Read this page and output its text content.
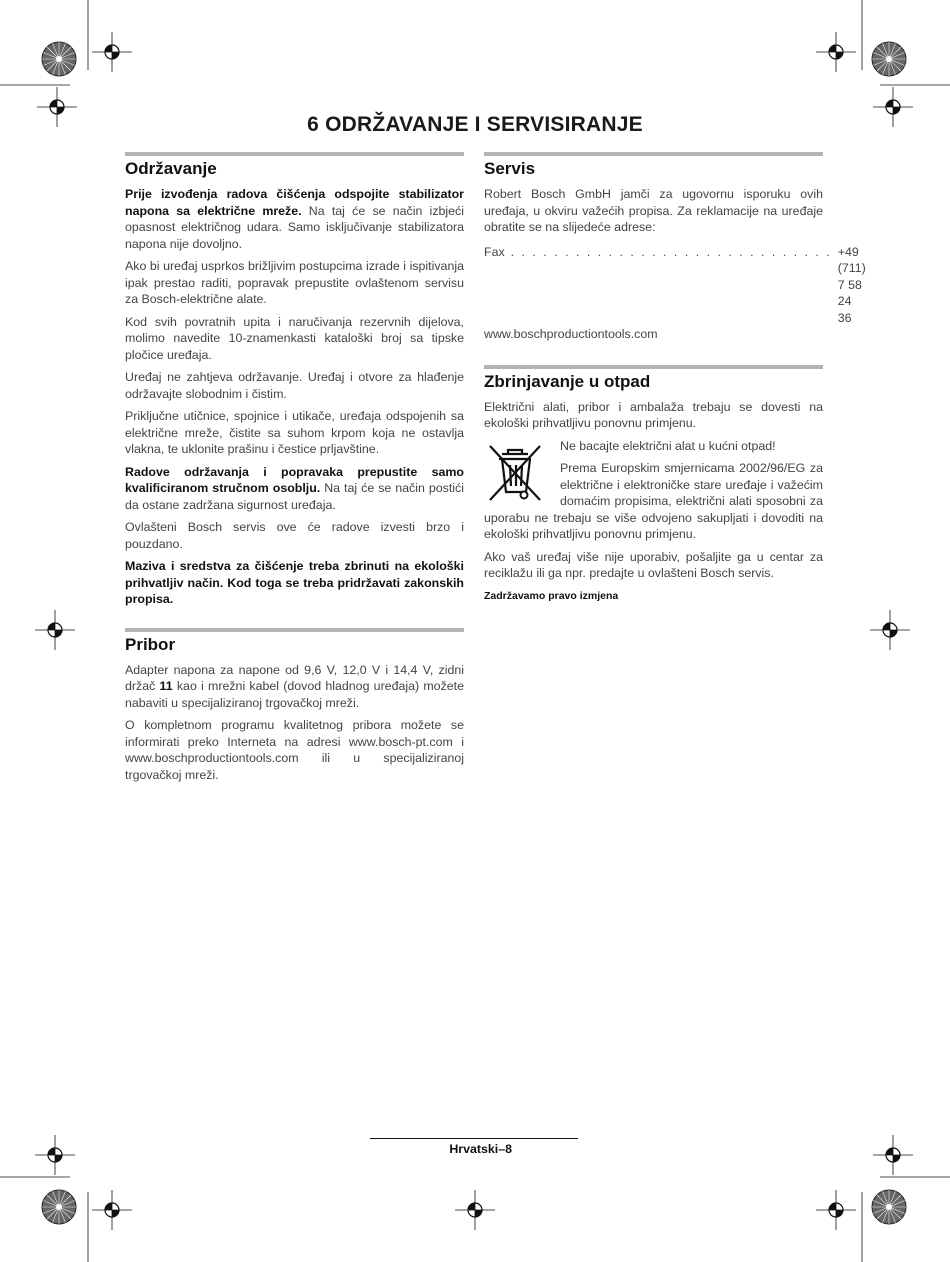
6 ODRŽAVANJE I SERVISIRANJE
Održavanje

Prije izvođenja radova čišćenja odspojite stabilizator napona sa električne mreže. Na taj će se način izbjeći opasnost električnog udara. Samo isključivanje stabilizatora napona nije dovoljno.

Ako bi uređaj usprkos brižljivim postupcima izrade i ispitivanja ipak prestao raditi, popravak prepustite ovlaštenom servisu za Bosch-električne alate.

Kod svih povratnih upita i naručivanja rezervnih dijelova, molimo navedite 10-znamenkasti kataloški broj sa tipske pločice uređaja.

Uređaj ne zahtjeva održavanje. Uređaj i otvore za hlađenje održavajte slobodnim i čistim.

Priključne utičnice, spojnice i utikače, uređaja odspojenih sa električne mreže, čistite sa suhom krpom koja ne ostavlja vlakna, te uklonite prašinu i čestice prljavštine.

Radove održavanja i popravaka prepustite samo kvalificiranom stručnom osoblju. Na taj će se način postići da ostane zadržana sigurnost uređaja.

Ovlašteni Bosch servis ove će radove izvesti brzo i pouzdano.

Maziva i sredstva za čišćenje treba zbrinuti na ekološki prihvatljiv način. Kod toga se treba pridržavati zakonskih propisa.

Pribor

Adapter napona za napone od 9,6 V, 12,0 V i 14,4 V, zidni držač 11 kao i mrežni kabel (dovod hladnog uređaja) možete nabaviti u specijaliziranoj trgovačkoj mreži.

O kompletnom programu kvalitetnog pribora možete se informirati preko Interneta na adresi www.bosch-pt.com i www.boschproductiontools.com ili u specijaliziranoj trgovačkoj mreži.

Servis

Robert Bosch GmbH jamči za ugovornu isporuku ovih uređaja, u okviru važećih propisa. Za reklamacije na uređaje obratite se na slijedeće adrese:

Fax . . . . . . . . . . . . . . . . . . . . . . . . . . . . . . +49 (711) 7 58 24 36
www.boschproductiontools.com
Zbrinjavanje u otpad

Električni alati, pribor i ambalaža trebaju se dovesti na ekološki prihvatljivu ponovnu primjenu.

Ne bacajte električni alat u kućni otpad!

Prema Europskim smjernicama 2002/96/EG za električne i elektroničke stare uređaje i važećim domaćim propisima, električni alati sposobni za uporabu ne trebaju se više odvojeno sakupljati i dovoditi na ekološki prihvatljivu ponovnu primjenu.

Ako vaš uređaj više nije uporabiv, pošaljite ga u centar za reciklažu ili ga npr. predajte u ovlašteni Bosch servis.

Zadržavamo pravo izmjena
Hrvatski–8
